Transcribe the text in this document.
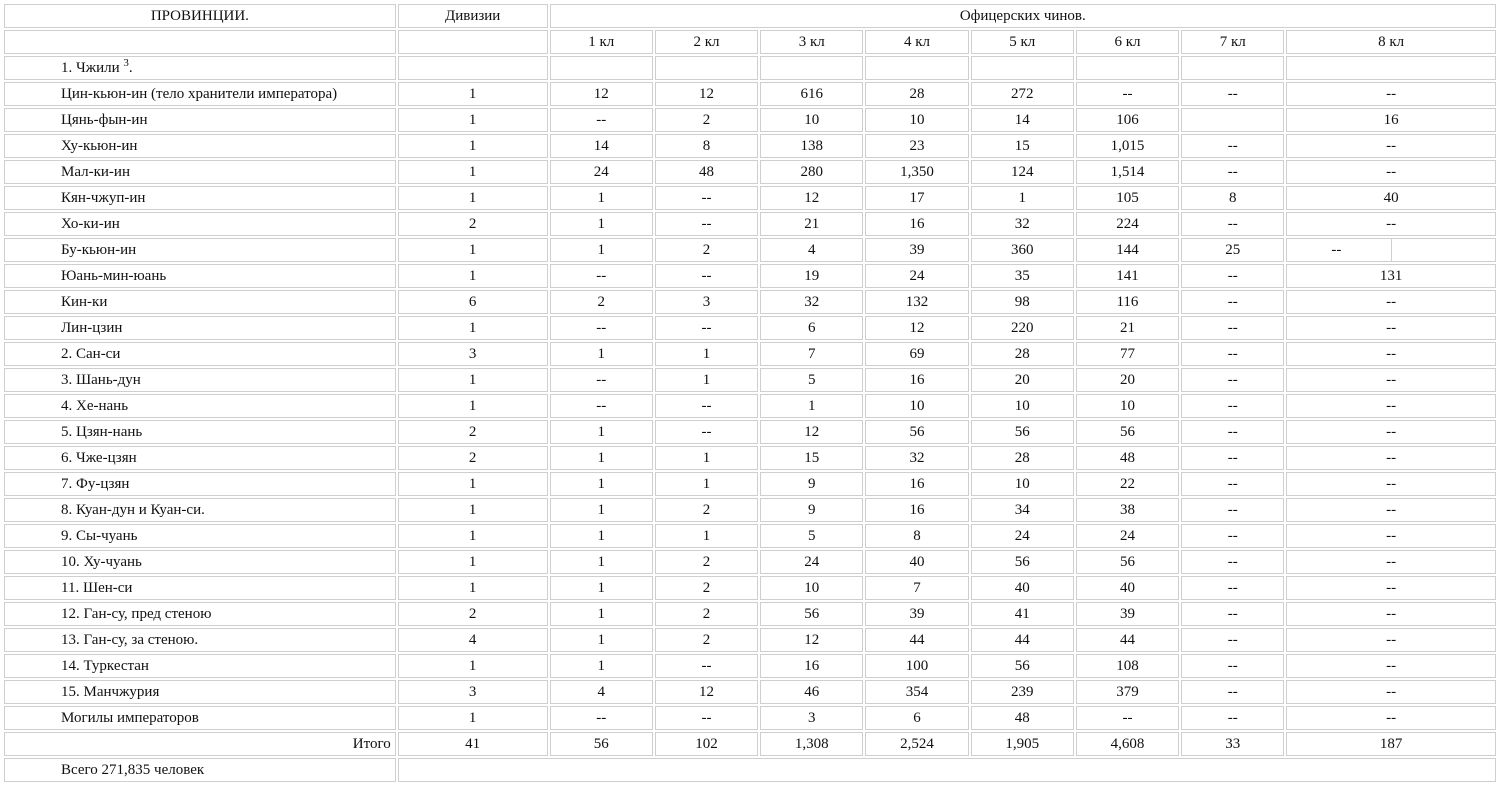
ПРОВИНЦИИ.	Дивизии	Офицерских чинов.							
		1 кл	2 кл	3 кл	4 кл	5 кл	6 кл	7 кл	8 кл
1. Чжили $^3$.									
Цин-кьюн-ин (тело хранители императора)	1	12	12	616	28	272	--	--	--
Цянь-фын-ин	1	--	2	10	10	14	106		16
Ху-кьюн-ин	1	14	8	138	23	15	1,015	--	--
Мал-ки-ин	1	24	48	280	1,350	124	1,514	--	--
Кян-чжуп-ин	1	1	--	12	17	1	105	8	40
Хо-ки-ин	2	1	--	21	16	32	224	--	--
Бу-кьюн-ин	1	1	2	4	39	360	144	25	--

Юань-мин-юань	1	--	--	19	24	35	141	--	131
Кин-ки	6	2	3	32	132	98	116	--	--
Лин-цзин	1	--	--	6	12	220	21	--	--
2. Сан-си	3	1	1	7	69	28	77	--	--
3. Шань-дун	1	--	1	5	16	20	20	--	--
4. Хе-нань	1	--	--	1	10	10	10	--	--
5. Цзян-нань	2	1	--	12	56	56	56	--	--
6. Чже-цзян	2	1	1	15	32	28	48	--	--
7. Фу-цзян	1	1	1	9	16	10	22	--	--
8. Куан-дун и Куан-си.	1	1	2	9	16	34	38	--	--
9. Сы-чуань	1	1	1	5	8	24	24	--	--
10. Ху-чуань	1	1	2	24	40	56	56	--	--
11. Шен-си	1	1	2	10	7	40	40	--	--
12. Ган-су, пред стеною	2	1	2	56	39	41	39	--	--
13. Ган-су, за стеною.	4	1	2	12	44	44	44	--	--
14. Туркестан	1	1	--	16	100	56	108	--	--
15. Манчжурия	3	4	12	46	354	239	379	--	--
Могилы императоров	1	--	--	3	6	48	--	--	--
Итого	41	56	102	1,308	2,524	1,905	4,608	33	187
Всего 271,835 человек									
